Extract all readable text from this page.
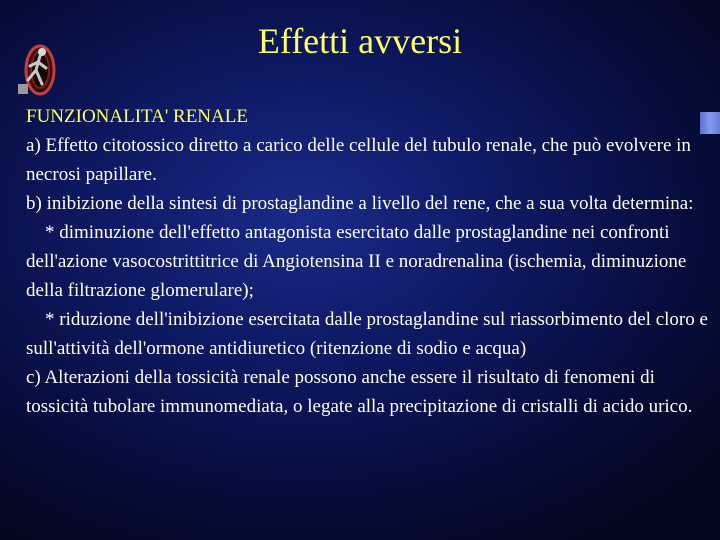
Effetti avversi

FUNZIONALITA' RENALE

a) Effetto citotossico diretto a carico delle cellule del tubulo renale, che può evolvere in necrosi papillare.

b) inibizione della sintesi di prostaglandine a livello del rene, che a sua volta determina:

* diminuzione dell'effetto antagonista esercitato dalle prostaglandine nei confronti dell'azione vasocostrittitrice di Angiotensina II e noradrenalina (ischemia, diminuzione della filtrazione glomerulare);

* riduzione dell'inibizione esercitata dalle prostaglandine sul riassorbimento del cloro e sull'attività dell'ormone antidiuretico (ritenzione di sodio e acqua)

c) Alterazioni della tossicità renale possono anche essere il risultato di fenomeni di tossicità tubolare immunomediata, o legate alla precipitazione di cristalli di acido urico.
